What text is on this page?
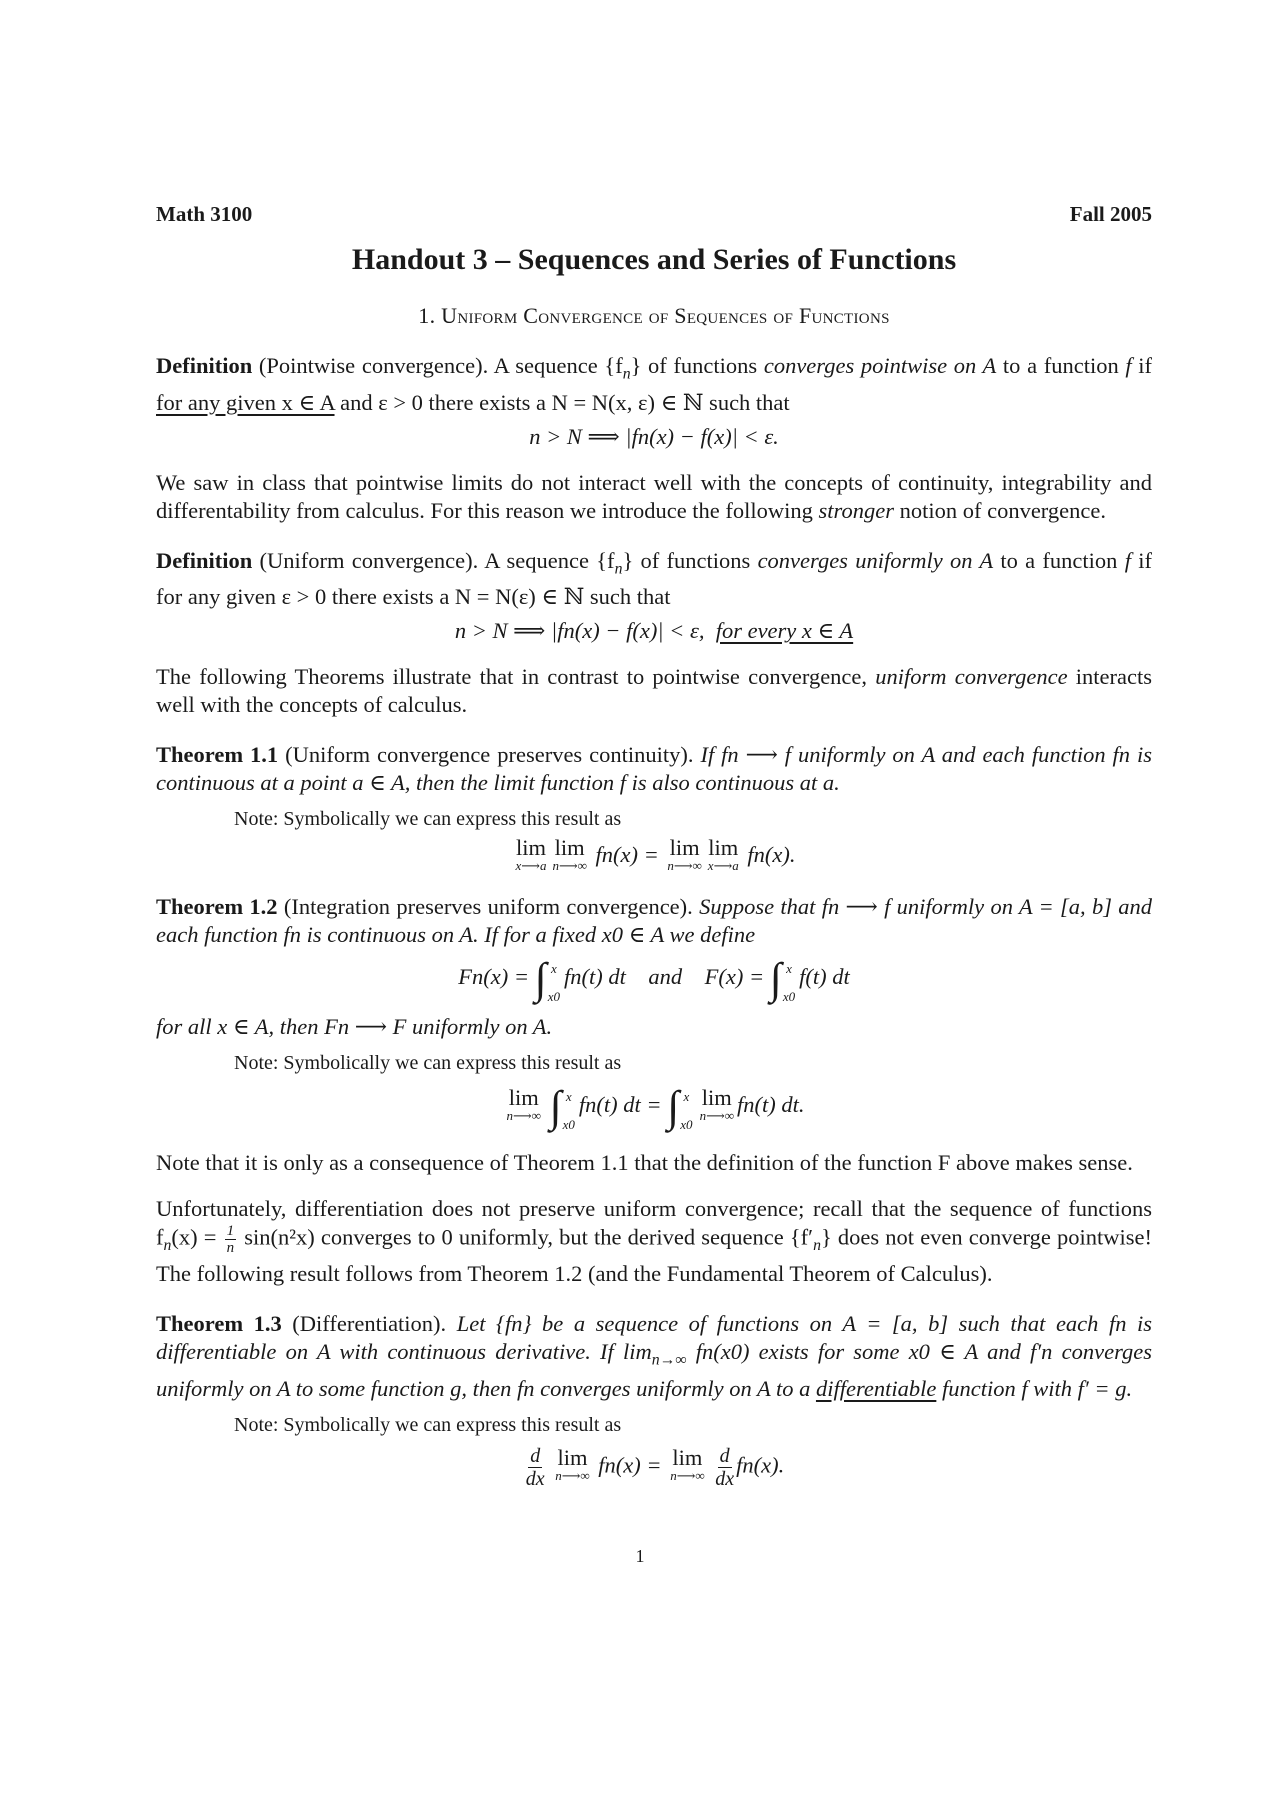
Math 3100	Fall 2005
Handout 3 – Sequences and Series of Functions
1. Uniform Convergence of Sequences of Functions

Definition (Pointwise convergence). A sequence $\{f_n\}$ of functions converges pointwise on A to a function f if for any given x ∈ A and ε > 0 there exists a N = N(x, ε) ∈ ℕ such that

n > N ⟹ |fn(x) − f(x)| < ε.

We saw in class that pointwise limits do not interact well with the concepts of continuity, integrability and differentability from calculus. For this reason we introduce the following stronger notion of convergence.

Definition (Uniform convergence). A sequence $\{f_n\}$ of functions converges uniformly on A to a function f if for any given ε > 0 there exists a N = N(ε) ∈ ℕ such that

n > N ⟹ |fn(x) − f(x)| < ε, for every x ∈ A

The following Theorems illustrate that in contrast to pointwise convergence, uniform convergence interacts well with the concepts of calculus.

Theorem 1.1 (Uniform convergence preserves continuity). If fn ⟶ f uniformly on A and each function fn is continuous at a point a ∈ A, then the limit function f is also continuous at a.

Note: Symbolically we can express this result as

lim
x⟶a
lim
n⟶∞ fn(x) = lim
n⟶∞
lim
x⟶a fn(x).

Theorem 1.2 (Integration preserves uniform convergence). Suppose that fn ⟶ f uniformly on A = [a, b] and each function fn is continuous on A. If for a fixed x0 ∈ A we define

Fn(x) = ∫ x
x0
fn(t) dt and F(x) = ∫ x
x0
f(t) dt

for all x ∈ A, then Fn ⟶ F uniformly on A.

Note: Symbolically we can express this result as

lim
n⟶∞
∫ x
x0
fn(t) dt = ∫ x
x0
lim
n⟶∞ fn(t) dt.

Note that it is only as a consequence of Theorem 1.1 that the definition of the function F above makes sense.

Unfortunately, differentiation does not preserve uniform convergence; recall that the sequence of functions $f_n(x) = \frac{1}{n} \sin(n^2x)$ converges to 0 uniformly, but the derived sequence $\{f'_n\}$ does not even converge pointwise! The following result follows from Theorem 1.2 (and the Fundamental Theorem of Calculus).

Theorem 1.3 (Differentiation). Let {fn} be a sequence of functions on A = [a, b] such that each fn is differentiable on A with continuous derivative. If $\lim_{n\to\infty} fn(x0)$ exists for some x0 ∈ A and f′n converges uniformly on A to some function g, then fn converges uniformly on A to a differentiable function f with f′ = g.

Note: Symbolically we can express this result as

$\frac{d}{dx}$
lim
n⟶∞ fn(x) = lim
n⟶∞
$\frac{d}{dx} fn(x)$.
1
